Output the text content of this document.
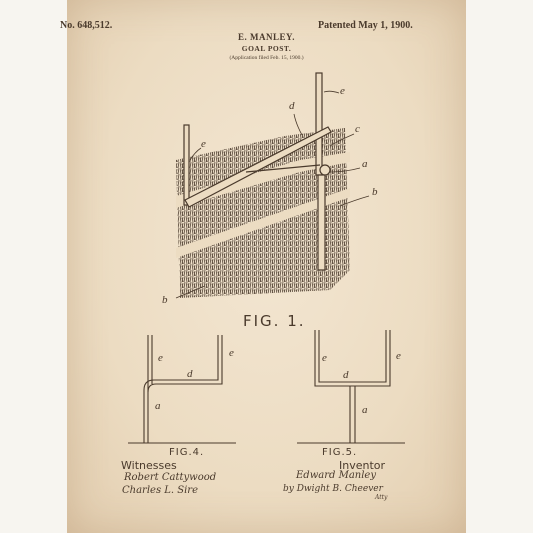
No. 648,512.	Patented May 1, 1900.
E. MANLEY.
GOAL POST.
(Application filed Feb. 15, 1900.)
e
e
d
c
a
b
b
e	e
d
a
e	e
d
a
FIG. 1.
FIG.4.	FIG.5.
Witnesses
Robert Cattywood
Charles L. Sire
Inventor
Edward Manley
by Dwight B. Cheever
Atty
